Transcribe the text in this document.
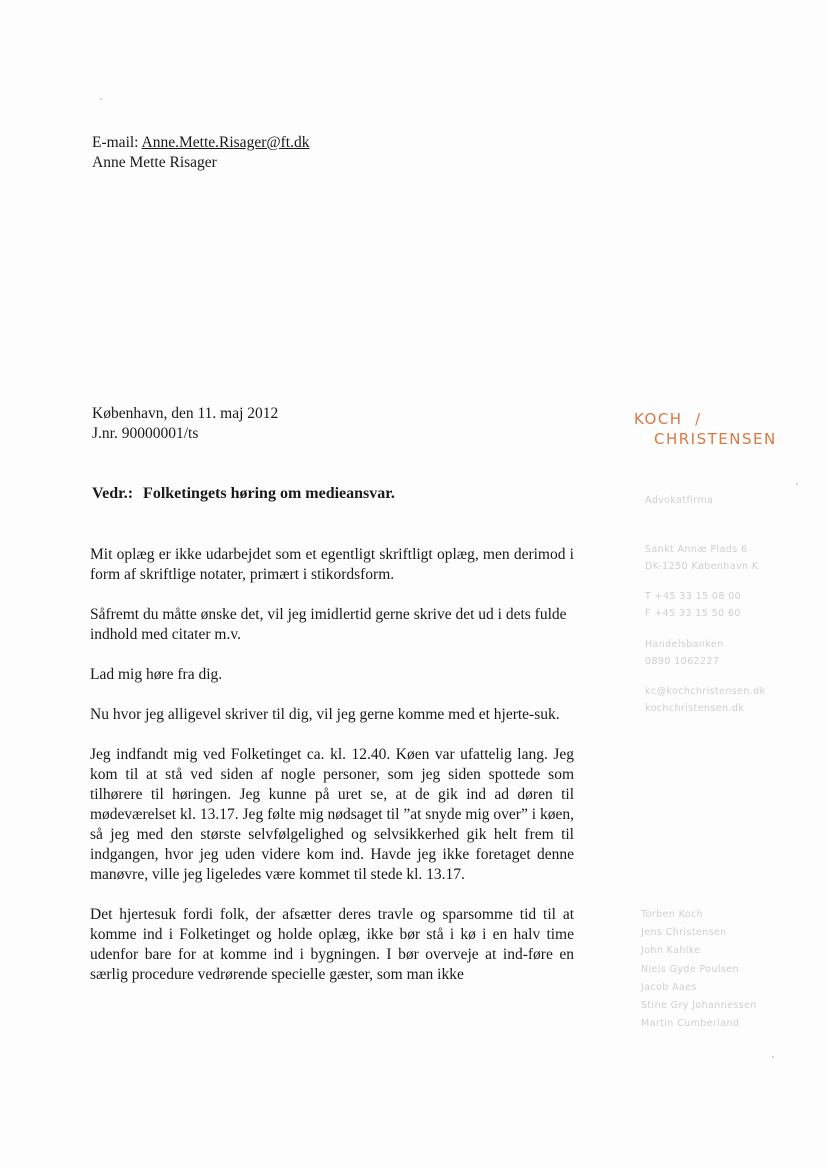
E-mail: Anne.Mette.Risager@ft.dk
Anne Mette Risager
København, den 11. maj 2012
J.nr. 90000001/ts
Vedr.: Folketingets høring om medieansvar.

Mit oplæg er ikke udarbejdet som et egentligt skriftligt oplæg, men derimod i form af skriftlige notater, primært i stikordsform.

Såfremt du måtte ønske det, vil jeg imidlertid gerne skrive det ud i dets fulde indhold med citater m.v.

Lad mig høre fra dig.

Nu hvor jeg alligevel skriver til dig, vil jeg gerne komme med et hjerte-suk.

Jeg indfandt mig ved Folketinget ca. kl. 12.40. Køen var ufattelig lang. Jeg kom til at stå ved siden af nogle personer, som jeg siden spottede som tilhørere til høringen. Jeg kunne på uret se, at de gik ind ad døren til mødeværelset kl. 13.17. Jeg følte mig nødsaget til ”at snyde mig over” i køen, så jeg med den største selvfølgelighed og selvsikkerhed gik helt frem til indgangen, hvor jeg uden videre kom ind. Havde jeg ikke foretaget denne manøvre, ville jeg ligeledes være kommet til stede kl. 13.17.

Det hjertesuk fordi folk, der afsætter deres travle og sparsomme tid til at komme ind i Folketinget og holde oplæg, ikke bør stå i kø i en halv time udenfor bare for at komme ind i bygningen. I bør overveje at ind-føre en særlig procedure vedrørende specielle gæster, som man ikke

KOCH  /
CHRISTENSEN
Advokatfirma
Sankt Annæ Plads 6
DK-1250 København K
T +45 33 15 08 00
F +45 33 15 50 60
Handelsbanken
0890 1062227
kc@kochchristensen.dk
kochchristensen.dk
Torben Koch
Jens Christensen
John Kahlke
Niels Gyde Poulsen
Jacob Aaes
Stine Gry Johannessen
Martin Cumberland
